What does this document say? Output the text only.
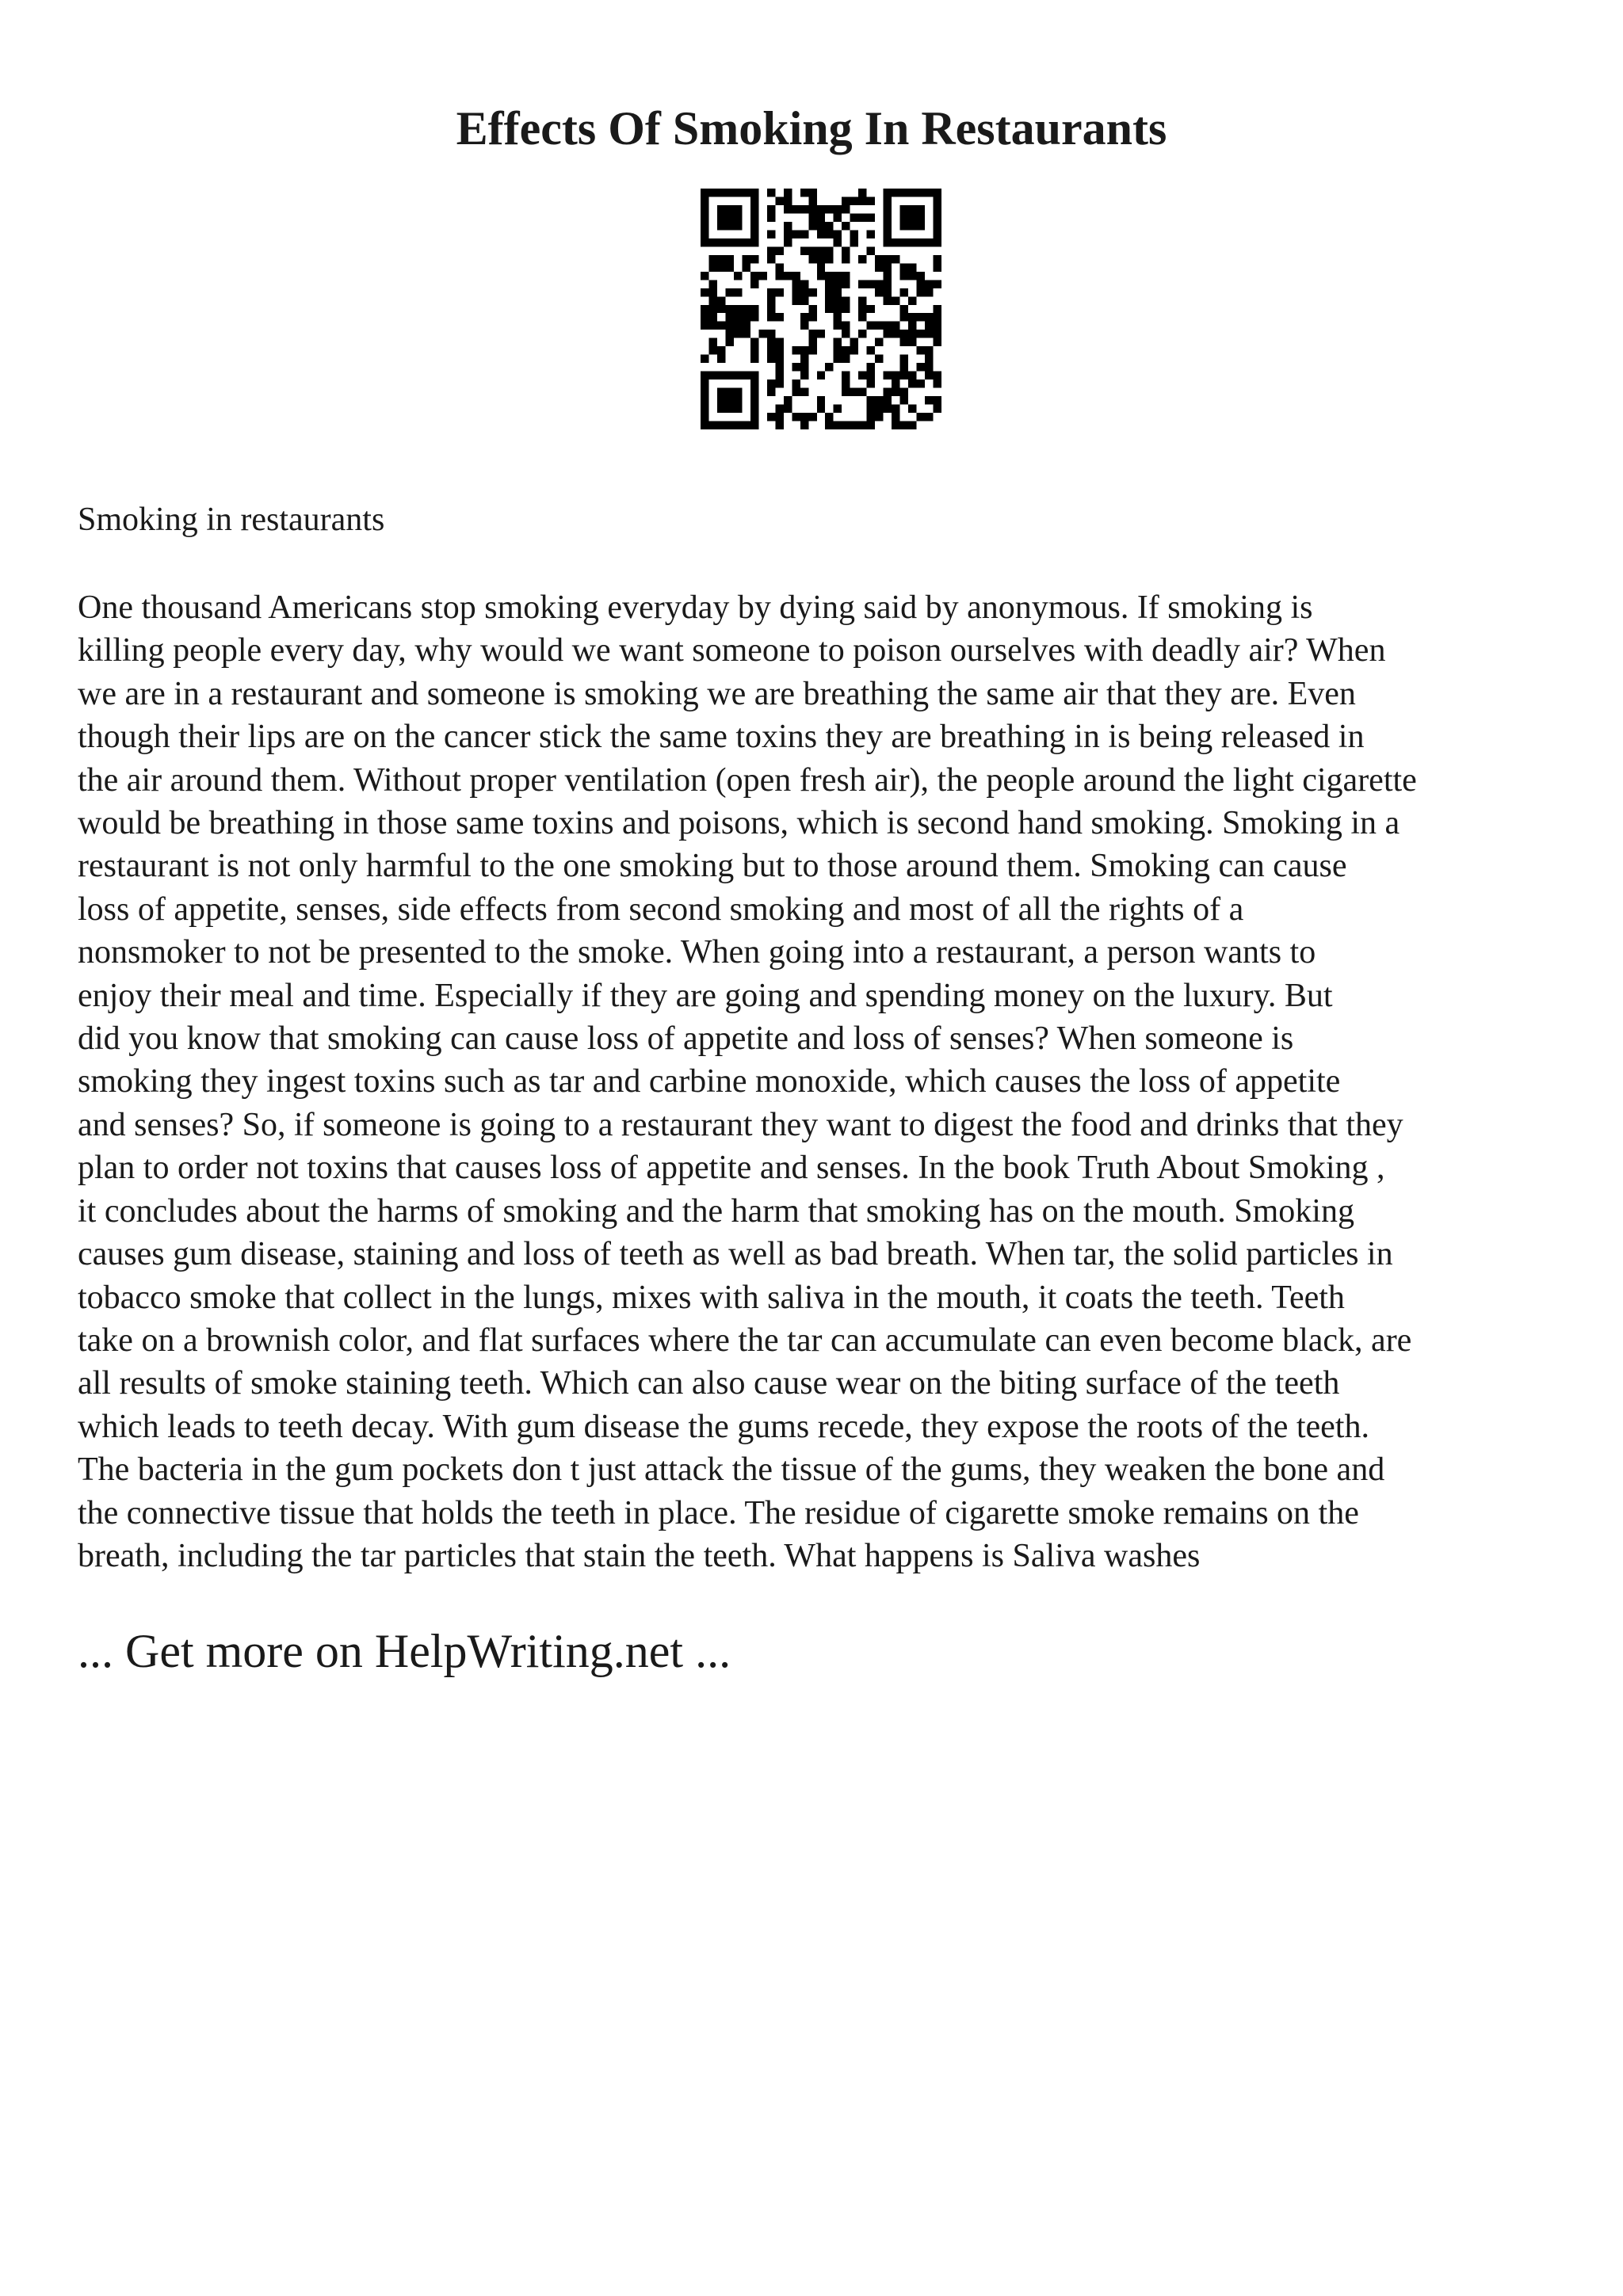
Effects Of Smoking In Restaurants

Smoking in restaurants

One thousand Americans stop smoking everyday by dying said by anonymous. If smoking is
killing people every day, why would we want someone to poison ourselves with deadly air? When
we are in a restaurant and someone is smoking we are breathing the same air that they are. Even
though their lips are on the cancer stick the same toxins they are breathing in is being released in
the air around them. Without proper ventilation (open fresh air), the people around the light cigarette
would be breathing in those same toxins and poisons, which is second hand smoking. Smoking in a
restaurant is not only harmful to the one smoking but to those around them. Smoking can cause
loss of appetite, senses, side effects from second smoking and most of all the rights of a
nonsmoker to not be presented to the smoke. When going into a restaurant, a person wants to
enjoy their meal and time. Especially if they are going and spending money on the luxury. But
did you know that smoking can cause loss of appetite and loss of senses? When someone is
smoking they ingest toxins such as tar and carbine monoxide, which causes the loss of appetite
and senses? So, if someone is going to a restaurant they want to digest the food and drinks that they
plan to order not toxins that causes loss of appetite and senses. In the book Truth About Smoking ,
it concludes about the harms of smoking and the harm that smoking has on the mouth. Smoking
causes gum disease, staining and loss of teeth as well as bad breath. When tar, the solid particles in
tobacco smoke that collect in the lungs, mixes with saliva in the mouth, it coats the teeth. Teeth
take on a brownish color, and flat surfaces where the tar can accumulate can even become black, are
all results of smoke staining teeth. Which can also cause wear on the biting surface of the teeth
which leads to teeth decay. With gum disease the gums recede, they expose the roots of the teeth.
The bacteria in the gum pockets don t just attack the tissue of the gums, they weaken the bone and
the connective tissue that holds the teeth in place. The residue of cigarette smoke remains on the
breath, including the tar particles that stain the teeth. What happens is Saliva washes

... Get more on HelpWriting.net ...
